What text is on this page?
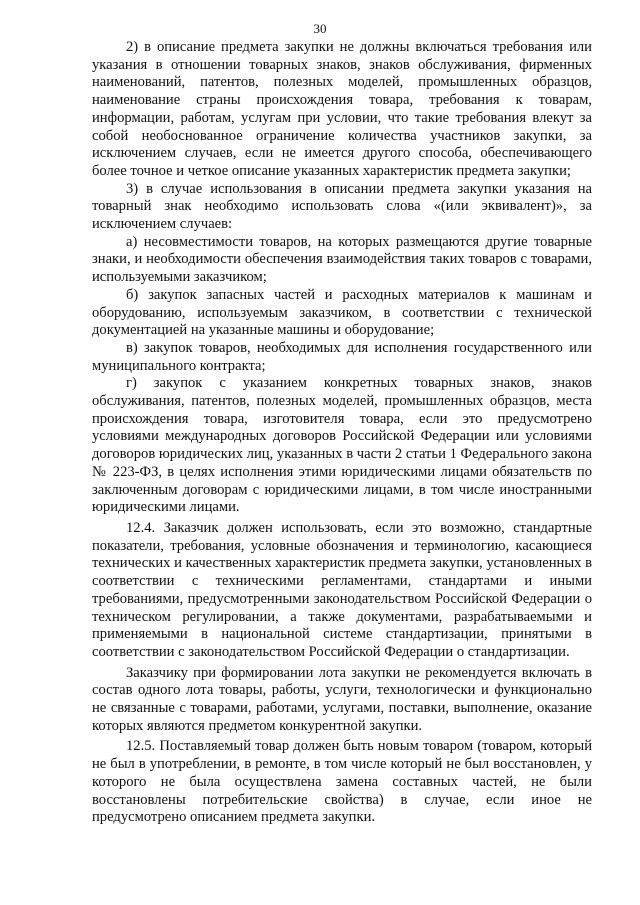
30

2) в описание предмета закупки не должны включаться требования или указания в отношении товарных знаков, знаков обслуживания, фирменных наименований, патентов, полезных моделей, промышленных образцов, наименование страны происхождения товара, требования к товарам, информации, работам, услугам при условии, что такие требования влекут за собой необоснованное ограничение количества участников закупки, за исключением случаев, если не имеется другого способа, обеспечивающего более точное и четкое описание указанных характеристик предмета закупки;

3) в случае использования в описании предмета закупки указания на товарный знак необходимо использовать слова «(или эквивалент)», за исключением случаев:

а) несовместимости товаров, на которых размещаются другие товарные знаки, и необходимости обеспечения взаимодействия таких товаров с товарами, используемыми заказчиком;

б) закупок запасных частей и расходных материалов к машинам и оборудованию, используемым заказчиком, в соответствии с технической документацией на указанные машины и оборудование;

в) закупок товаров, необходимых для исполнения государственного или муниципального контракта;

г) закупок с указанием конкретных товарных знаков, знаков обслуживания, патентов, полезных моделей, промышленных образцов, места происхождения товара, изготовителя товара, если это предусмотрено условиями международных договоров Российской Федерации или условиями договоров юридических лиц, указанных в части 2 статьи 1 Федерального закона № 223-ФЗ, в целях исполнения этими юридическими лицами обязательств по заключенным договорам с юридическими лицами, в том числе иностранными юридическими лицами.

12.4. Заказчик должен использовать, если это возможно, стандартные показатели, требования, условные обозначения и терминологию, касающиеся технических и качественных характеристик предмета закупки, установленных в соответствии с техническими регламентами, стандартами и иными требованиями, предусмотренными законодательством Российской Федерации о техническом регулировании, а также документами, разрабатываемыми и применяемыми в национальной системе стандартизации, принятыми в соответствии с законодательством Российской Федерации о стандартизации.

Заказчику при формировании лота закупки не рекомендуется включать в состав одного лота товары, работы, услуги, технологически и функционально не связанные с товарами, работами, услугами, поставки, выполнение, оказание которых являются предметом конкурентной закупки.

12.5. Поставляемый товар должен быть новым товаром (товаром, который не был в употреблении, в ремонте, в том числе который не был восстановлен, у которого не была осуществлена замена составных частей, не были восстановлены потребительские свойства) в случае, если иное не предусмотрено описанием предмета закупки.
